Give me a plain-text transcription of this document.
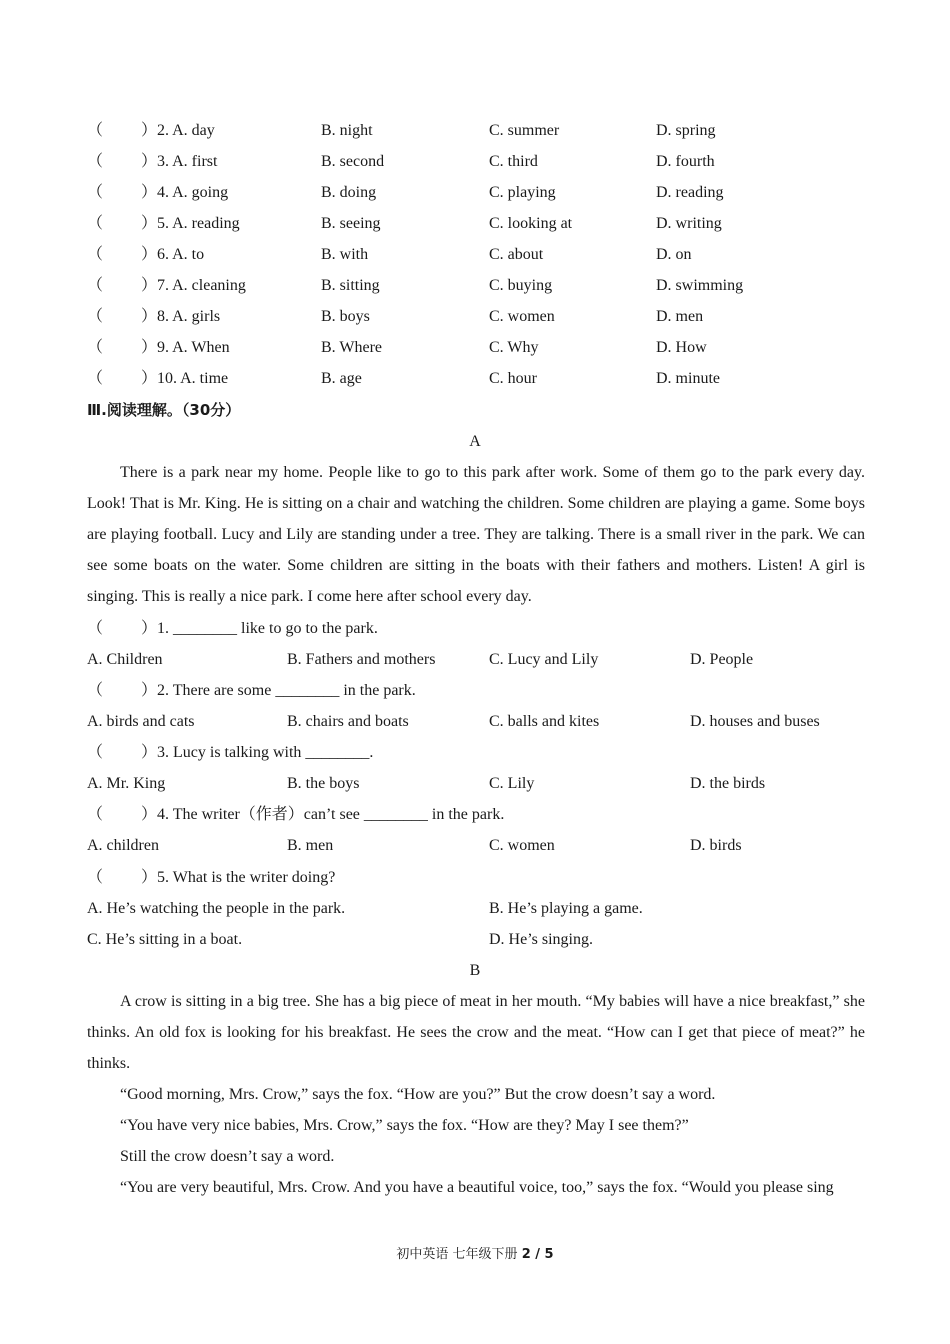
（ ）2. A. day	B. night	C. summer	D. spring
（ ）3. A. first	B. second	C. third	D. fourth
（ ）4. A. going	B. doing	C. playing	D. reading
（ ）5. A. reading	B. seeing	C. looking at	D. writing
（ ）6. A. to	B. with	C. about	D. on
（ ）7. A. cleaning	B. sitting	C. buying	D. swimming
（ ）8. A. girls	B. boys	C. women	D. men
（ ）9. A. When	B. Where	C. Why	D. How
（ ）10. A. time	B. age	C. hour	D. minute
Ⅲ.阅读理解。（30分）
A
There is a park near my home. People like to go to this park after work. Some of them go to the park every day. Look! That is Mr. King. He is sitting on a chair and watching the children. Some children are playing a game. Some boys are playing football. Lucy and Lily are standing under a tree. They are talking. There is a small river in the park. We can see some boats on the water. Some children are sitting in the boats with their fathers and mothers. Listen! A girl is singing. This is really a nice park. I come here after school every day.
（ ）1. ________ like to go to the park.
A. Children	B. Fathers and mothers	C. Lucy and Lily	D. People
（ ）2. There are some ________ in the park.
A. birds and cats	B. chairs and boats	C. balls and kites	D. houses and buses
（ ）3. Lucy is talking with ________.
A. Mr. King	B. the boys	C. Lily	D. the birds
（ ）4. The writer（作者）can’t see ________ in the park.
A. children	B. men	C. women	D. birds
（ ）5. What is the writer doing?
A. He’s watching the people in the park.	B. He’s playing a game.
C. He’s sitting in a boat.	D. He’s singing.
B
A crow is sitting in a big tree. She has a big piece of meat in her mouth. “My babies will have a nice breakfast,” she thinks. An old fox is looking for his breakfast. He sees the crow and the meat. “How can I get that piece of meat?” he thinks.
“Good morning, Mrs. Crow,” says the fox. “How are you?” But the crow doesn’t say a word.
“You have very nice babies, Mrs. Crow,” says the fox. “How are they? May I see them?”
Still the crow doesn’t say a word.
“You are very beautiful, Mrs. Crow. And you have a beautiful voice, too,” says the fox. “Would you please sing
初中英语 七年级下册 2 / 5
